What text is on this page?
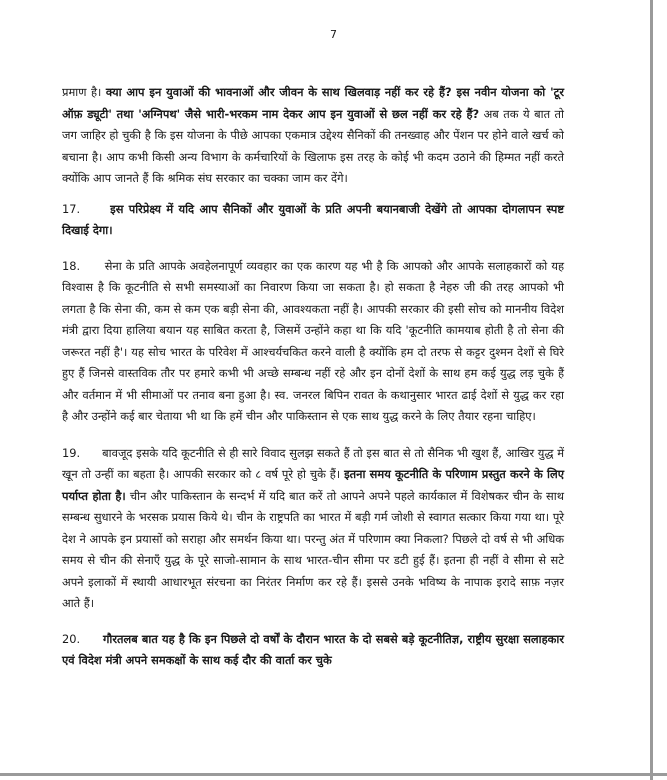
7

प्रमाण है। क्या आप इन युवाओं की भावनाओं और जीवन के साथ खिलवाड़ नहीं कर रहे हैं? इस नवीन योजना को 'टूर ऑफ़ ड्यूटी' तथा 'अग्निपथ' जैसे भारी-भरकम नाम देकर आप इन युवाओं से छल नहीं कर रहे हैं? अब तक ये बात तो जग जाहिर हो चुकी है कि इस योजना के पीछे आपका एकमात्र उद्देश्य सैनिकों की तनख्वाह और पेंशन पर होने वाले खर्च को बचाना है। आप कभी किसी अन्य विभाग के कर्मचारियों के खिलाफ इस तरह के कोई भी कदम उठाने की हिम्मत नहीं करते क्योंकि आप जानते हैं कि श्रमिक संघ सरकार का चक्का जाम कर देंगे।

17.	इस परिप्रेक्ष्य में यदि आप सैनिकों और युवाओं के प्रति अपनी बयानबाजी देखेंगे तो आपका दोगलापन स्पष्ट दिखाई देगा।

18. सेना के प्रति आपके अवहेलनापूर्ण व्यवहार का एक कारण यह भी है कि आपको और आपके सलाहकारों को यह विश्वास है कि कूटनीति से सभी समस्याओं का निवारण किया जा सकता है। हो सकता है नेहरु जी की तरह आपको भी लगता है कि सेना की, कम से कम एक बड़ी सेना की, आवश्यकता नहीं है। आपकी सरकार की इसी सोच को माननीय विदेश मंत्री द्वारा दिया हालिया बयान यह साबित करता है, जिसमें उन्होंने कहा था कि यदि 'कूटनीति कामयाब होती है तो सेना की जरूरत नहीं है'। यह सोच भारत के परिवेश में आश्चर्यचकित करने वाली है क्योंकि हम दो तरफ से कट्टर दुश्मन देशों से घिरे हुए हैं जिनसे वास्तविक तौर पर हमारे कभी भी अच्छे सम्बन्ध नहीं रहे और इन दोनों देशों के साथ हम कई युद्ध लड़ चुके हैं और वर्तमान में भी सीमाओं पर तनाव बना हुआ है। स्व. जनरल बिपिन रावत के कथानुसार भारत ढाई देशों से युद्ध कर रहा है और उन्होंने कई बार चेताया भी था कि हमें चीन और पाकिस्तान से एक साथ युद्ध करने के लिए तैयार रहना चाहिए।

19. बावजूद इसके यदि कूटनीति से ही सारे विवाद सुलझ सकते हैं तो इस बात से तो सैनिक भी खुश हैं, आखिर युद्ध में खून तो उन्हीं का बहता है। आपकी सरकार को ८ वर्ष पूरे हो चुके हैं। इतना समय कूटनीति के परिणाम प्रस्तुत करने के लिए पर्याप्त होता है। चीन और पाकिस्तान के सन्दर्भ में यदि बात करें तो आपने अपने पहले कार्यकाल में विशेषकर चीन के साथ सम्बन्ध सुधारने के भरसक प्रयास किये थे। चीन के राष्ट्रपति का भारत में बड़ी गर्म जोशी से स्वागत सत्कार किया गया था। पूरे देश ने आपके इन प्रयासों को सराहा और समर्थन किया था। परन्तु अंत में परिणाम क्या निकला? पिछले दो वर्ष से भी अधिक समय से चीन की सेनाएँ युद्ध के पूरे साजो-सामान के साथ भारत-चीन सीमा पर डटी हुई हैं। इतना ही नहीं वे सीमा से सटे अपने इलाकों में स्थायी आधारभूत संरचना का निरंतर निर्माण कर रहे हैं। इससे उनके भविष्य के नापाक इरादे साफ़ नज़र आते हैं।

20. गौरतलब बात यह है कि इन पिछले दो वर्षों के दौरान भारत के दो सबसे बड़े कूटनीतिज्ञ, राष्ट्रीय सुरक्षा सलाहकार एवं विदेश मंत्री अपने समकक्षों के साथ कई दौर की वार्ता कर चुके
